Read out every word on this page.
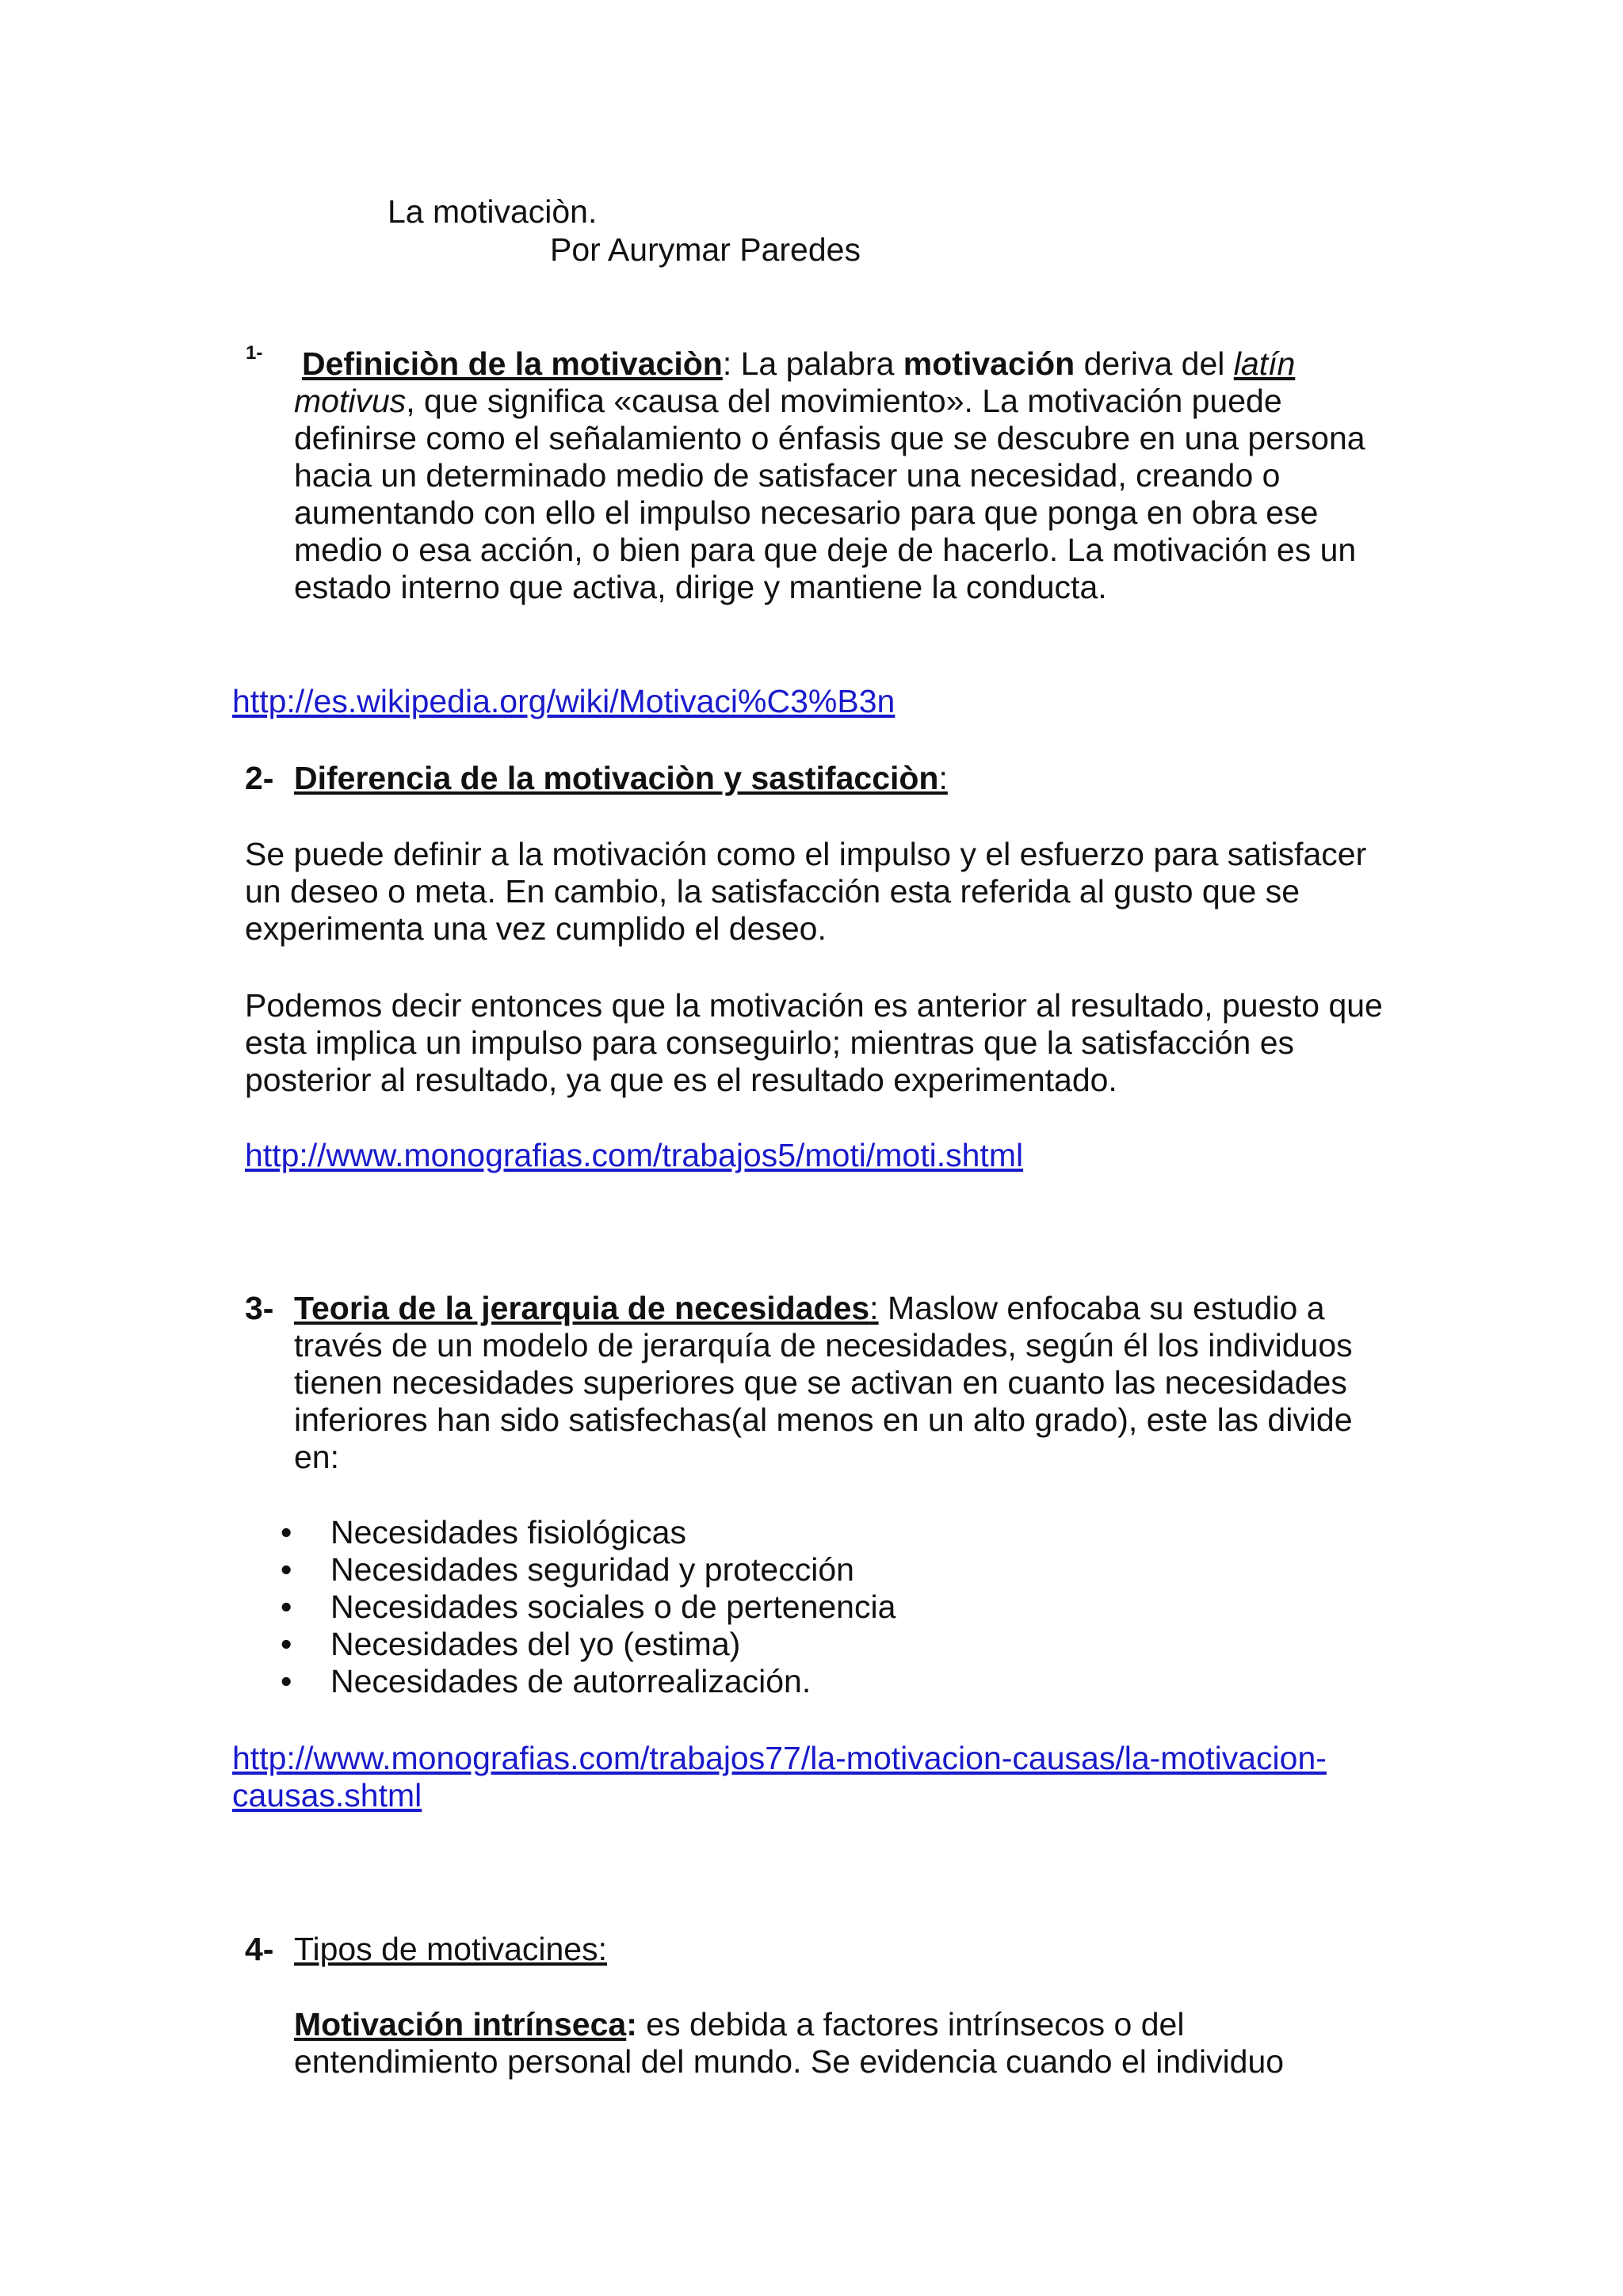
La motivaciòn.

Por Aurymar Paredes

1- Definiciòn de la motivaciòn: La palabra motivación deriva del latín

motivus, que significa «causa del movimiento». La motivación puede

definirse como el señalamiento o énfasis que se descubre en una persona

hacia un determinado medio de satisfacer una necesidad, creando o

aumentando con ello el impulso necesario para que ponga en obra ese

medio o esa acción, o bien para que deje de hacerlo. La motivación es un

estado interno que activa, dirige y mantiene la conducta.

http://es.wikipedia.org/wiki/Motivaci%C3%B3n
2- Diferencia de la motivaciòn y sastifacciòn:

Se puede definir a la motivación como el impulso y el esfuerzo para satisfacer

un deseo o meta. En cambio, la satisfacción esta referida al gusto que se

experimenta una vez cumplido el deseo.

Podemos decir entonces que la motivación es anterior al resultado, puesto que

esta implica un impulso para conseguirlo; mientras que la satisfacción es

posterior al resultado, ya que es el resultado experimentado.

http://www.monografias.com/trabajos5/moti/moti.shtml
3- Teoria de la jerarquia de necesidades: Maslow enfocaba su estudio a

través de un modelo de jerarquía de necesidades, según él los individuos

tienen necesidades superiores que se activan en cuanto las necesidades

inferiores han sido satisfechas(al menos en un alto grado), este las divide

en:

• Necesidades fisiológicas

• Necesidades seguridad y protección

• Necesidades sociales o de pertenencia

• Necesidades del yo (estima)

• Necesidades de autorrealización.

http://www.monografias.com/trabajos77/la-motivacion-causas/la-motivacion-
causas.shtml
4- Tipos de motivacines:

Motivación intrínseca: es debida a factores intrínsecos o del

entendimiento personal del mundo. Se evidencia cuando el individuo
